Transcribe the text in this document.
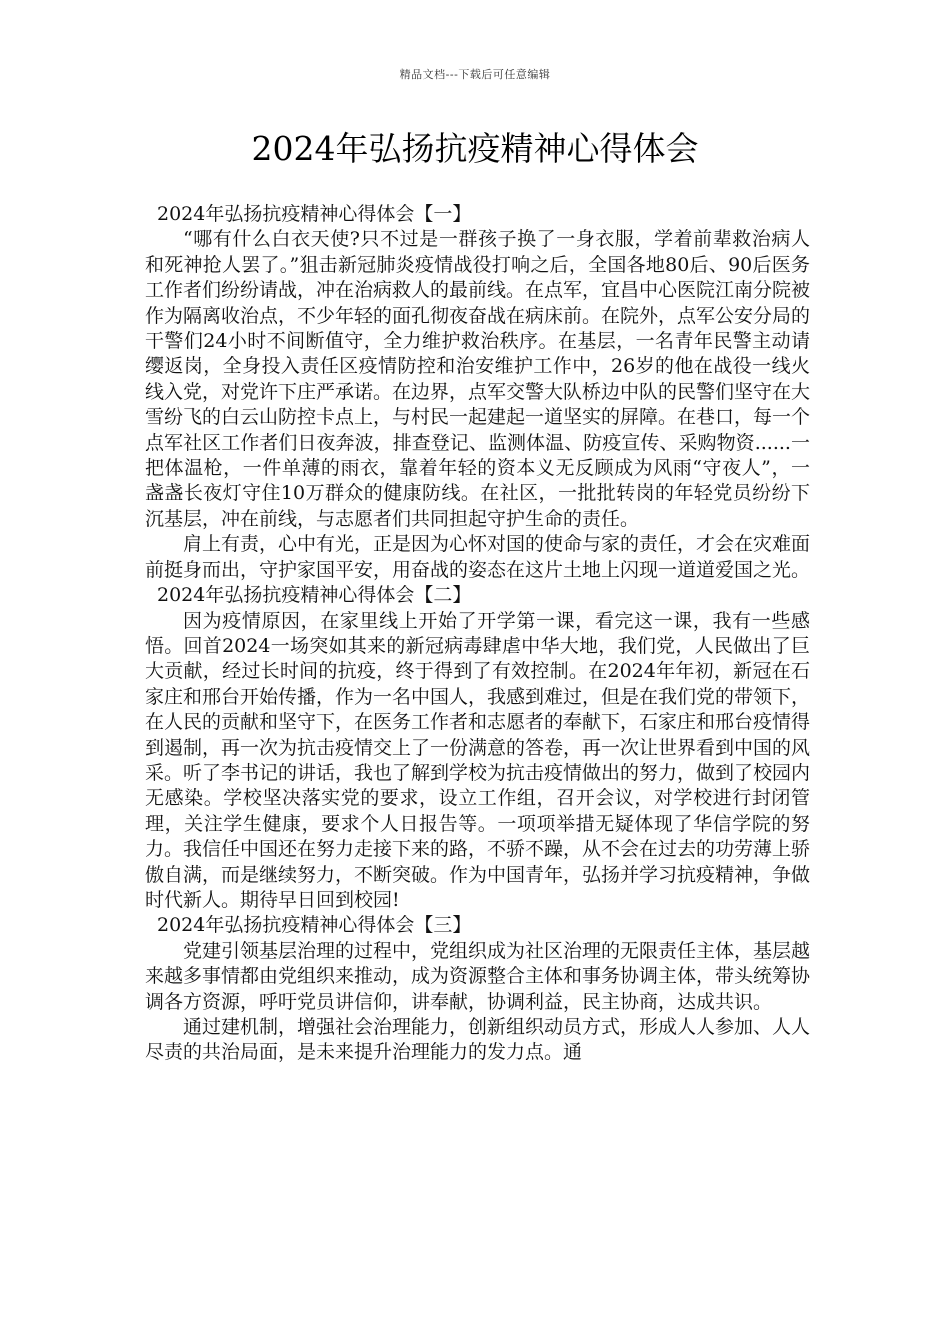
精品文档---下载后可任意编辑
2024年弘扬抗疫精神心得体会
2024年弘扬抗疫精神心得体会【一】

“哪有什么白衣天使?只不过是一群孩子换了一身衣服，学着前辈救治病人和死神抢人罢了。”狙击新冠肺炎疫情战役打响之后，全国各地80后、90后医务工作者们纷纷请战，冲在治病救人的最前线。在点军，宜昌中心医院江南分院被作为隔离收治点，不少年轻的面孔彻夜奋战在病床前。在院外，点军公安分局的干警们24小时不间断值守，全力维护救治秩序。在基层，一名青年民警主动请缨返岗，全身投入责任区疫情防控和治安维护工作中，26岁的他在战役一线火线入党，对党许下庄严承诺。在边界，点军交警大队桥边中队的民警们坚守在大雪纷飞的白云山防控卡点上，与村民一起建起一道坚实的屏障。在巷口，每一个点军社区工作者们日夜奔波，排查登记、监测体温、防疫宣传、采购物资......一把体温枪，一件单薄的雨衣，靠着年轻的资本义无反顾成为风雨“守夜人”，一盏盏长夜灯守住10万群众的健康防线。在社区，一批批转岗的年轻党员纷纷下沉基层，冲在前线，与志愿者们共同担起守护生命的责任。

肩上有责，心中有光，正是因为心怀对国的使命与家的责任，才会在灾难面前挺身而出，守护家国平安，用奋战的姿态在这片土地上闪现一道道爱国之光。

2024年弘扬抗疫精神心得体会【二】

因为疫情原因，在家里线上开始了开学第一课，看完这一课，我有一些感悟。回首2024一场突如其来的新冠病毒肆虐中华大地，我们党，人民做出了巨大贡献，经过长时间的抗疫，终于得到了有效控制。在2024年年初，新冠在石家庄和邢台开始传播，作为一名中国人，我感到难过，但是在我们党的带领下，在人民的贡献和坚守下，在医务工作者和志愿者的奉献下，石家庄和邢台疫情得到遏制，再一次为抗击疫情交上了一份满意的答卷，再一次让世界看到中国的风采。听了李书记的讲话，我也了解到学校为抗击疫情做出的努力，做到了校园内无感染。学校坚决落实党的要求，设立工作组，召开会议，对学校进行封闭管理，关注学生健康，要求个人日报告等。一项项举措无疑体现了华信学院的努力。我信任中国还在努力走接下来的路，不骄不躁，从不会在过去的功劳薄上骄傲自满，而是继续努力，不断突破。作为中国青年，弘扬并学习抗疫精神，争做时代新人。期待早日回到校园!

2024年弘扬抗疫精神心得体会【三】

党建引领基层治理的过程中，党组织成为社区治理的无限责任主体，基层越来越多事情都由党组织来推动，成为资源整合主体和事务协调主体，带头统筹协调各方资源，呼吁党员讲信仰，讲奉献，协调利益，民主协商，达成共识。

通过建机制，增强社会治理能力，创新组织动员方式，形成人人参加、人人尽责的共治局面，是未来提升治理能力的发力点。通
